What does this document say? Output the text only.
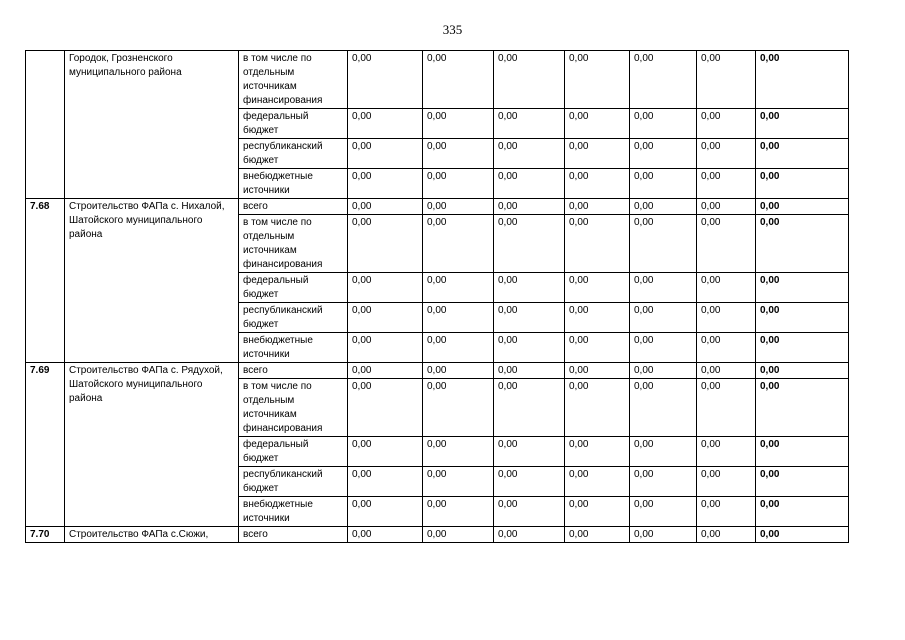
335
	Городок, Грозненского муниципального района	в том числе по отдельным источникам финансирования	0,00	0,00	0,00	0,00	0,00	0,00	0,00
		федеральный бюджет	0,00	0,00	0,00	0,00	0,00	0,00	0,00
		республиканский бюджет	0,00	0,00	0,00	0,00	0,00	0,00	0,00
		внебюджетные источники	0,00	0,00	0,00	0,00	0,00	0,00	0,00
7.68	Строительство ФАПа с. Нихалой, Шатойского муниципального района	всего	0,00	0,00	0,00	0,00	0,00	0,00	0,00
		в том числе по отдельным источникам финансирования	0,00	0,00	0,00	0,00	0,00	0,00	0,00
		федеральный бюджет	0,00	0,00	0,00	0,00	0,00	0,00	0,00
		республиканский бюджет	0,00	0,00	0,00	0,00	0,00	0,00	0,00
		внебюджетные источники	0,00	0,00	0,00	0,00	0,00	0,00	0,00
7.69	Строительство ФАПа с. Рядухой, Шатойского муниципального района	всего	0,00	0,00	0,00	0,00	0,00	0,00	0,00
		в том числе по отдельным источникам финансирования	0,00	0,00	0,00	0,00	0,00	0,00	0,00
		федеральный бюджет	0,00	0,00	0,00	0,00	0,00	0,00	0,00
		республиканский бюджет	0,00	0,00	0,00	0,00	0,00	0,00	0,00
		внебюджетные источники	0,00	0,00	0,00	0,00	0,00	0,00	0,00
7.70	Строительство ФАПа с.Сюжи,	всего	0,00	0,00	0,00	0,00	0,00	0,00	0,00
